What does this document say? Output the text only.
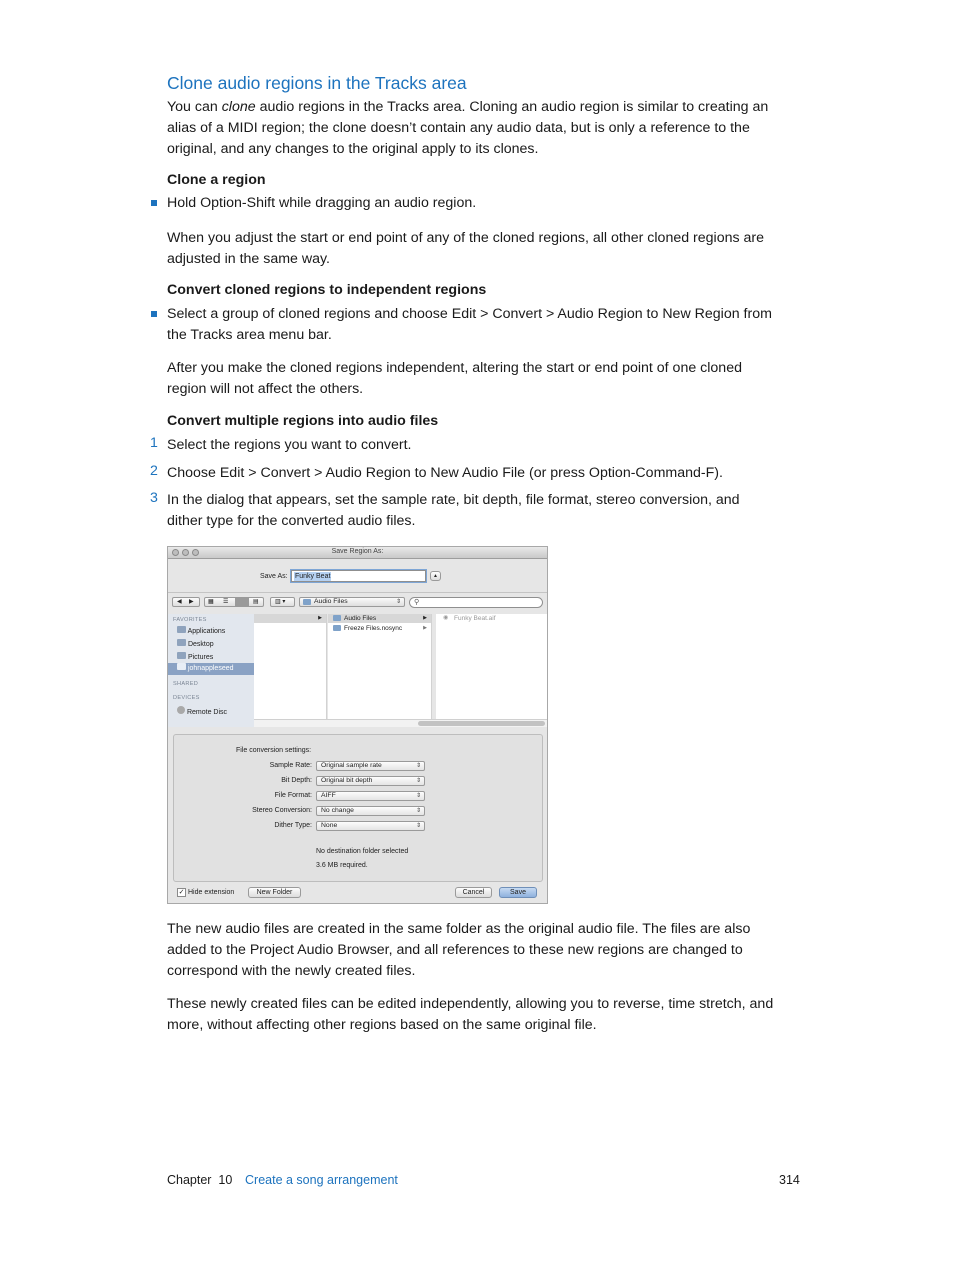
Clone audio regions in the Tracks area
You can clone audio regions in the Tracks area. Cloning an audio region is similar to creating an
alias of a MIDI region; the clone doesn’t contain any audio data, but is only a reference to the
original, and any changes to the original apply to its clones.
Clone a region
Hold Option-Shift while dragging an audio region.
When you adjust the start or end point of any of the cloned regions, all other cloned regions are
adjusted in the same way.
Convert cloned regions to independent regions
Select a group of cloned regions and choose Edit > Convert > Audio Region to New Region from
the Tracks area menu bar.
After you make the cloned regions independent, altering the start or end point of one cloned
region will not affect the others.
Convert multiple regions into audio files
1 Select the regions you want to convert.
2 Choose Edit > Convert > Audio Region to New Audio File (or press Option-Command-F).
3 In the dialog that appears, set the sample rate, bit depth, file format, stereo conversion, and
dither type for the converted audio files.
Save Region As:
Save As: Funky Beat	▲
◀ ▶ ▦ ☰	▤	▥ ▾	Audio Files	⇕ ⚲
FAVORITES
Applications
Desktop
Pictures
johnappleseed
SHARED
DEVICES
Remote Disc
▶	Audio Files	▶
Freeze Files.nosync	▶
◉ Funky Beat.aif
File conversion settings:
Sample Rate:	Original sample rate	⇕
Bit Depth:	Original bit depth	⇕
File Format:	AIFF	⇕
Stereo Conversion:	No change	⇕
Dither Type:	None	⇕
No destination folder selected
3.6 MB required.
✓ Hide extension	New Folder	Cancel	Save
The new audio files are created in the same folder as the original audio file. The files are also
added to the Project Audio Browser, and all references to these new regions are changed to
correspond with the newly created files.
These newly created files can be edited independently, allowing you to reverse, time stretch, and
more, without affecting other regions based on the same original file.
Chapter  10 Create a song arrangement	314
